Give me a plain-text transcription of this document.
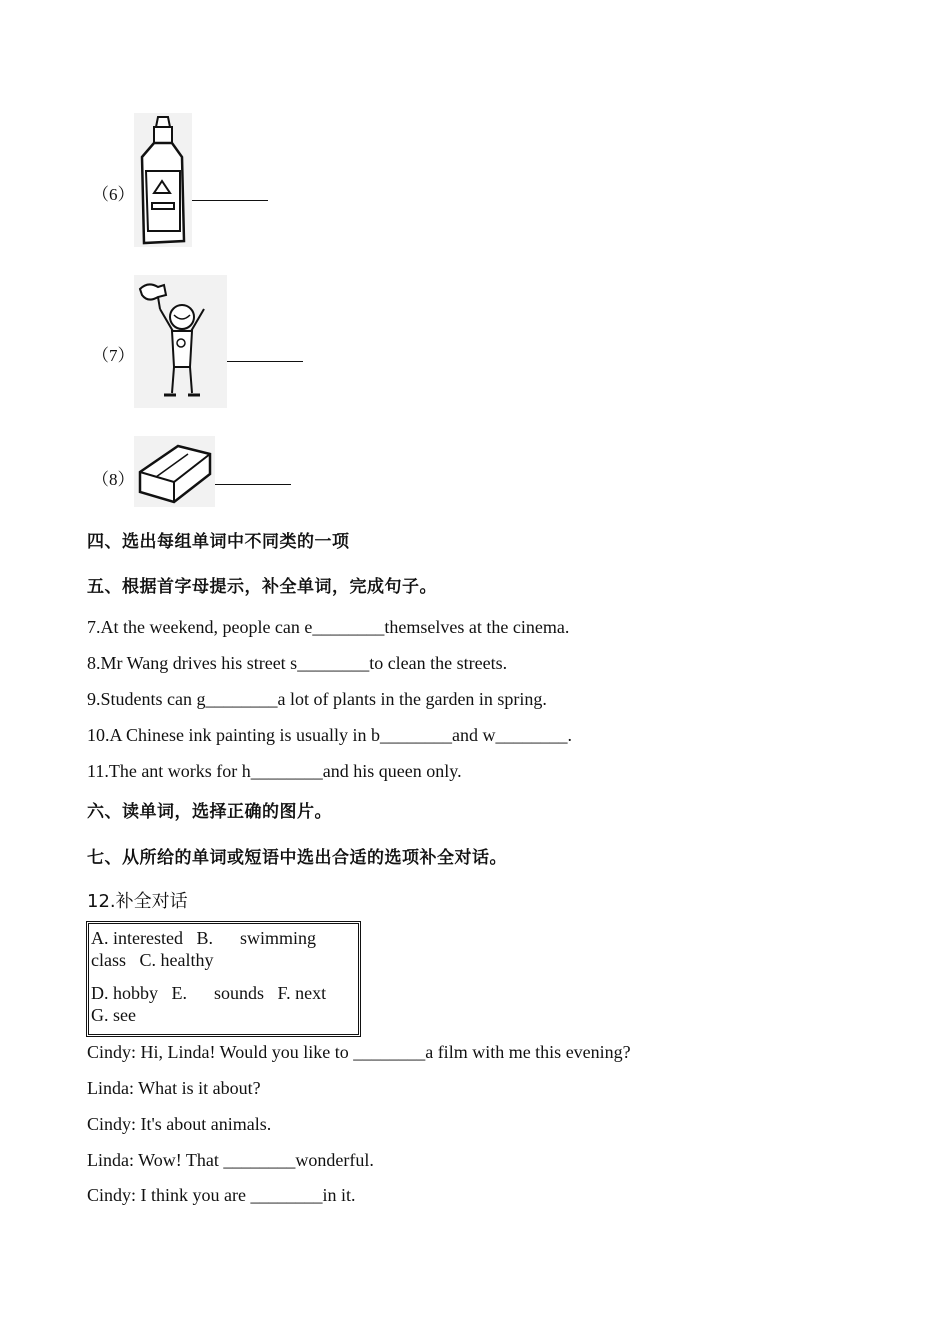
（6）
（7）
（8）
四、选出每组单词中不同类的一项
五、根据首字母提示，补全单词，完成句子。
7.At the weekend, people can e________themselves at the cinema.
8.Mr Wang drives his street s________to clean the streets.
9.Students can g________a lot of plants in the garden in spring.
10.A Chinese ink painting is usually in b________and w________.
11.The ant works for h________and his queen only.
六、读单词，选择正确的图片。
七、从所给的单词或短语中选出合适的选项补全对话。
12.补全对话

A. interested   B.      swimming

class   C. healthy

D. hobby   E.      sounds   F. next

G. see

Cindy: Hi, Linda! Would you like to ________a film with me this evening?
Linda: What is it about?
Cindy: It's about animals.
Linda: Wow! That ________wonderful.
Cindy: I think you are ________in it.
